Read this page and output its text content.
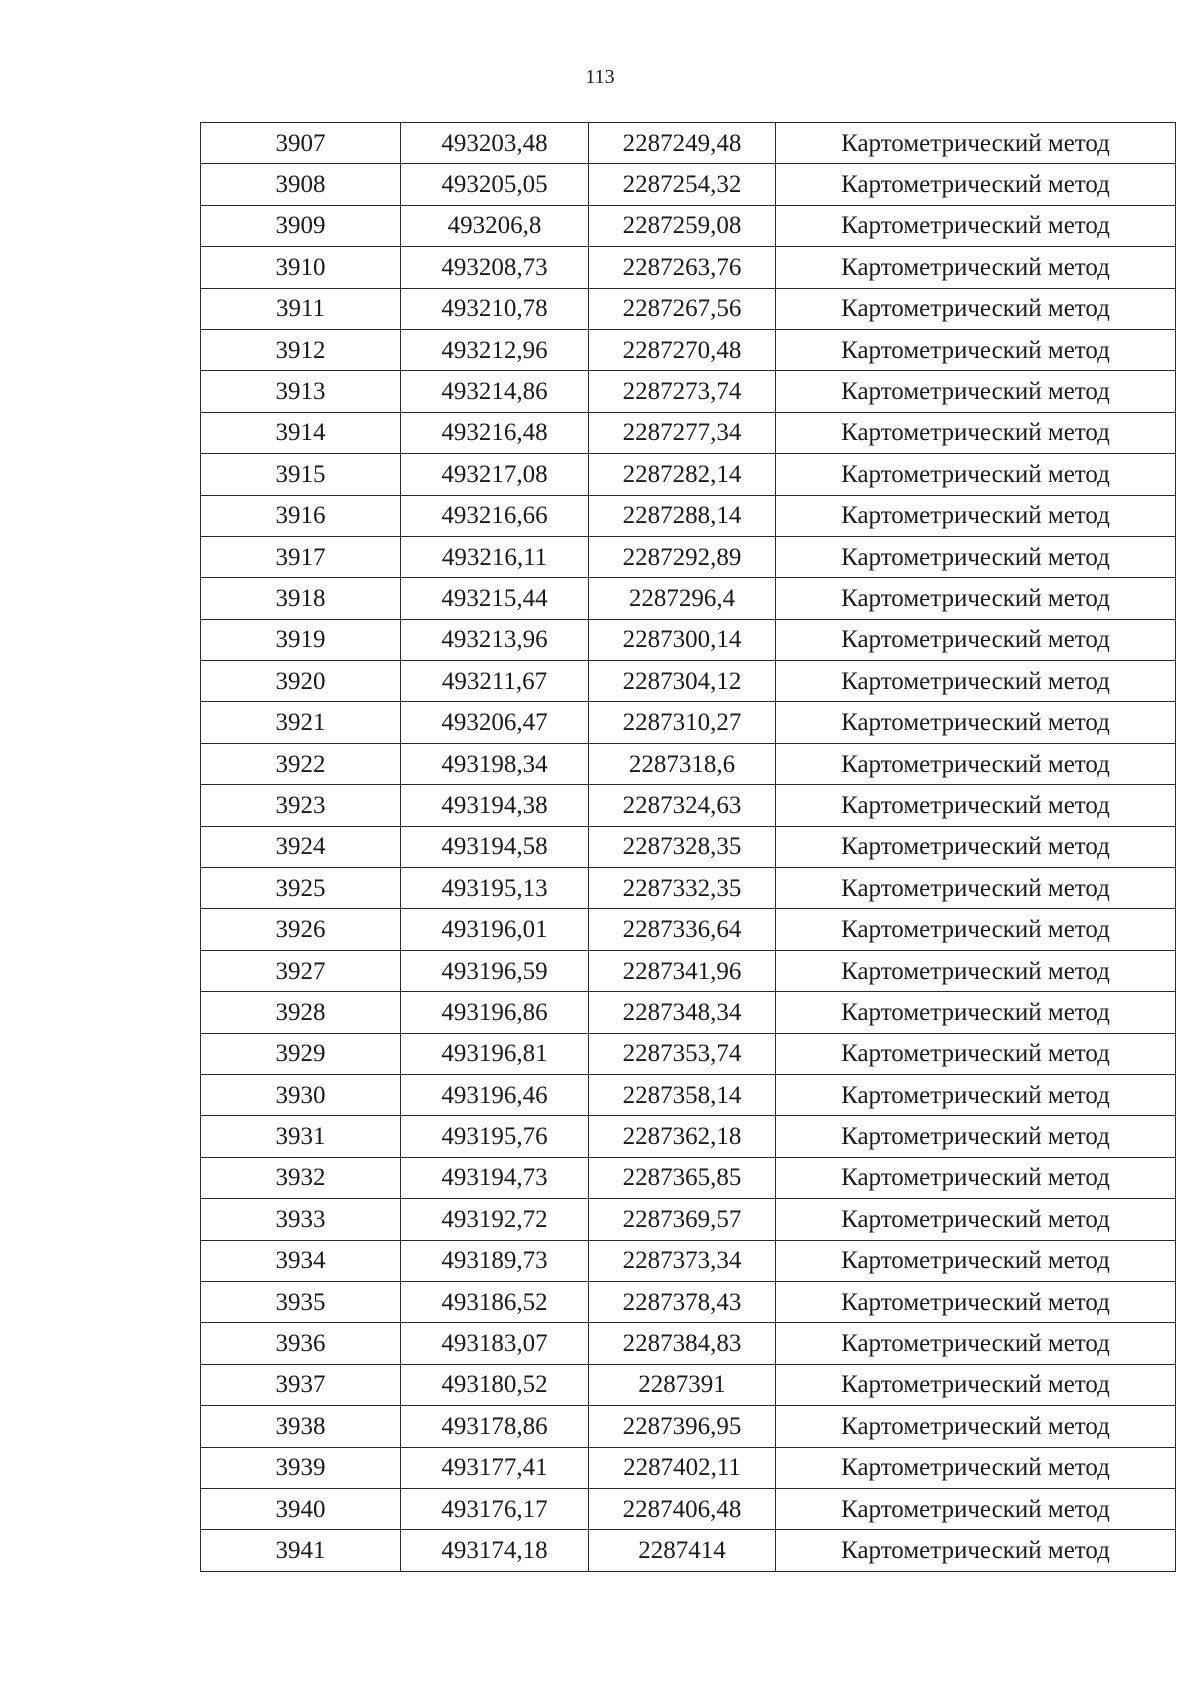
113
3907	493203,48	2287249,48	Картометрический метод
3908	493205,05	2287254,32	Картометрический метод
3909	493206,8	2287259,08	Картометрический метод
3910	493208,73	2287263,76	Картометрический метод
3911	493210,78	2287267,56	Картометрический метод
3912	493212,96	2287270,48	Картометрический метод
3913	493214,86	2287273,74	Картометрический метод
3914	493216,48	2287277,34	Картометрический метод
3915	493217,08	2287282,14	Картометрический метод
3916	493216,66	2287288,14	Картометрический метод
3917	493216,11	2287292,89	Картометрический метод
3918	493215,44	2287296,4	Картометрический метод
3919	493213,96	2287300,14	Картометрический метод
3920	493211,67	2287304,12	Картометрический метод
3921	493206,47	2287310,27	Картометрический метод
3922	493198,34	2287318,6	Картометрический метод
3923	493194,38	2287324,63	Картометрический метод
3924	493194,58	2287328,35	Картометрический метод
3925	493195,13	2287332,35	Картометрический метод
3926	493196,01	2287336,64	Картометрический метод
3927	493196,59	2287341,96	Картометрический метод
3928	493196,86	2287348,34	Картометрический метод
3929	493196,81	2287353,74	Картометрический метод
3930	493196,46	2287358,14	Картометрический метод
3931	493195,76	2287362,18	Картометрический метод
3932	493194,73	2287365,85	Картометрический метод
3933	493192,72	2287369,57	Картометрический метод
3934	493189,73	2287373,34	Картометрический метод
3935	493186,52	2287378,43	Картометрический метод
3936	493183,07	2287384,83	Картометрический метод
3937	493180,52	2287391	Картометрический метод
3938	493178,86	2287396,95	Картометрический метод
3939	493177,41	2287402,11	Картометрический метод
3940	493176,17	2287406,48	Картометрический метод
3941	493174,18	2287414	Картометрический метод
